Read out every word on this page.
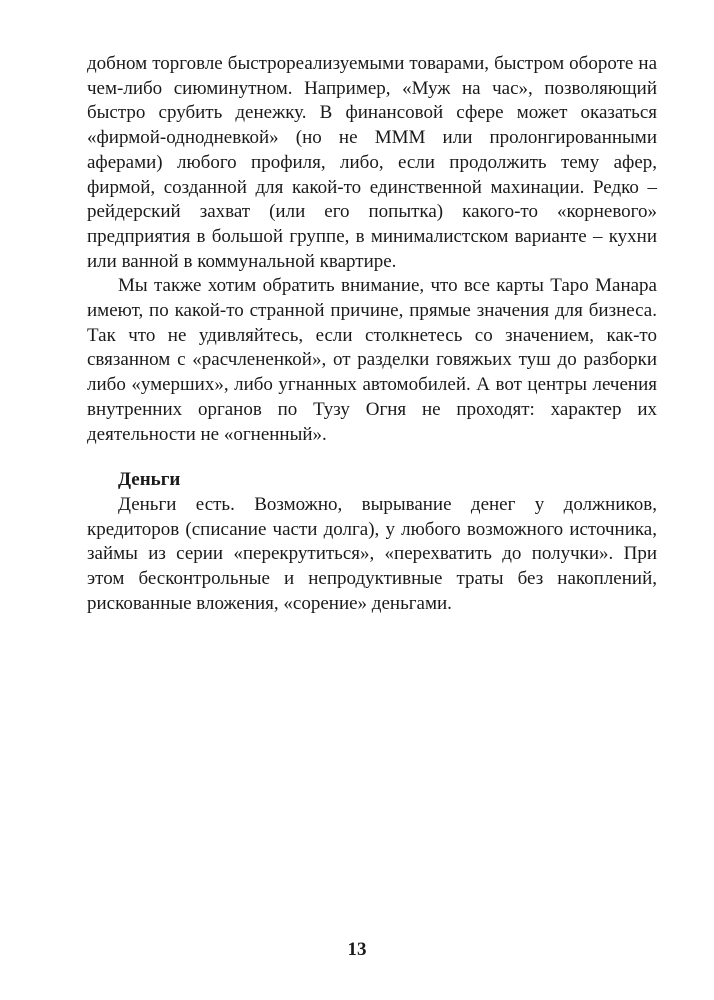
добном торговле быстрореализуемыми товарами, быстром обороте на чем-либо сиюминутном. Например, «Муж на час», позволяющий быстро срубить денежку. В финансовой сфере может оказаться «фирмой-однодневкой» (но не МММ или пролонгированными аферами) любого профиля, либо, если продолжить тему афер, фирмой, созданной для какой-то единственной махинации. Редко – рейдерский захват (или его попытка) какого-то «корневого» предприятия в большой группе, в минималистском варианте – кухни или ванной в коммунальной квартире.

Мы также хотим обратить внимание, что все карты Таро Манара имеют, по какой-то странной причине, прямые значения для бизнеса. Так что не удивляйтесь, если столкнетесь со значением, как-то связанном с «расчлененкой», от разделки говяжьих туш до разборки либо «умерших», либо угнанных автомобилей. А вот центры лечения внутренних органов по Тузу Огня не проходят: характер их деятельности не «огненный».

Деньги

Деньги есть. Возможно, вырывание денег у должников, кредиторов (списание части долга), у любого возможного источника, займы из серии «перекрутиться», «перехватить до получки». При этом бесконтрольные и непродуктивные траты без накоплений, рискованные вложения, «сорение» деньгами.

13
